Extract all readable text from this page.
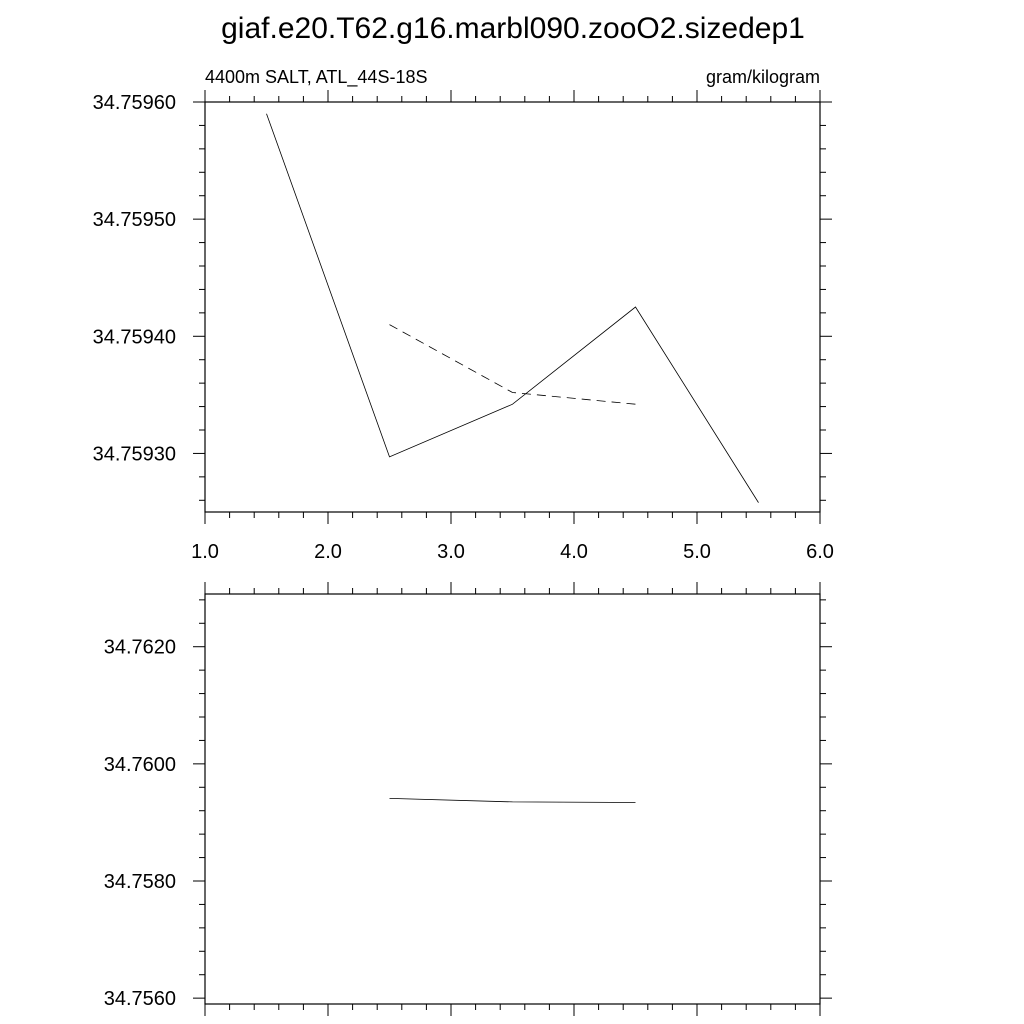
giaf.e20.T62.g16.marbl090.zooO2.sizedep1
4400m SALT, ATL_44S-18S	gram/kilogram
1.0	2.0	3.0	4.0	5.0	6.0
34.75930
34.75940
34.75950
34.75960
34.7560
34.7580
34.7600
34.7620
